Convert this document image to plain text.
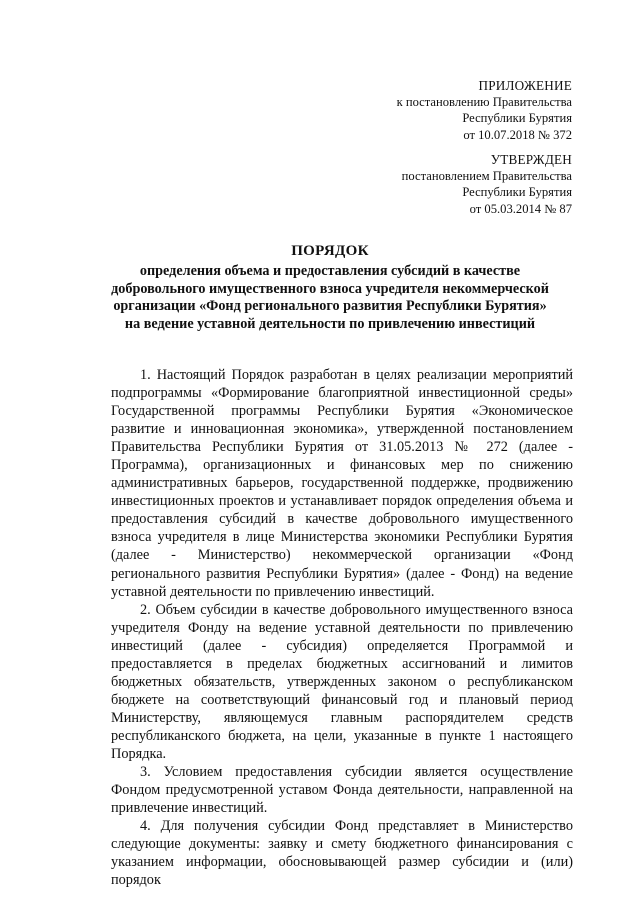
ПРИЛОЖЕНИЕ
к постановлению Правительства
Республики Бурятия
от 10.07.2018 № 372
УТВЕРЖДЕН
постановлением Правительства
Республики Бурятия
от 05.03.2014 № 87
ПОРЯДОК
определения объема и предоставления субсидий в качестве
добровольного имущественного взноса учредителя некоммерческой
организации «Фонд регионального развития Республики Бурятия»
на ведение уставной деятельности по привлечению инвестиций

1. Настоящий Порядок разработан в целях реализации мероприятий подпрограммы «Формирование благоприятной инвестиционной среды» Государственной программы Республики Бурятия «Экономическое развитие и инновационная экономика», утвержденной постановлением Правительства Республики Бурятия от 31.05.2013 № 272 (далее - Программа), организационных и финансовых мер по снижению административных барьеров, государственной поддержке, продвижению инвестиционных проектов и устанавливает порядок определения объема и предоставления субсидий в качестве добровольного имущественного взноса учредителя в лице Министерства экономики Республики Бурятия (далее - Министерство) некоммерческой организации «Фонд регионального развития Республики Бурятия» (далее - Фонд) на ведение уставной деятельности по привлечению инвестиций.

2. Объем субсидии в качестве добровольного имущественного взноса учредителя Фонду на ведение уставной деятельности по привлечению инвестиций (далее - субсидия) определяется Программой и предоставляется в пределах бюджетных ассигнований и лимитов бюджетных обязательств, утвержденных законом о республиканском бюджете на соответствующий финансовый год и плановый период Министерству, являющемуся главным распорядителем средств республиканского бюджета, на цели, указанные в пункте 1 настоящего Порядка.

3. Условием предоставления субсидии является осуществление Фондом предусмотренной уставом Фонда деятельности, направленной на привлечение инвестиций.

4. Для получения субсидии Фонд представляет в Министерство следующие документы: заявку и смету бюджетного финансирования с указанием информации, обосновывающей размер субсидии и (или) порядок
